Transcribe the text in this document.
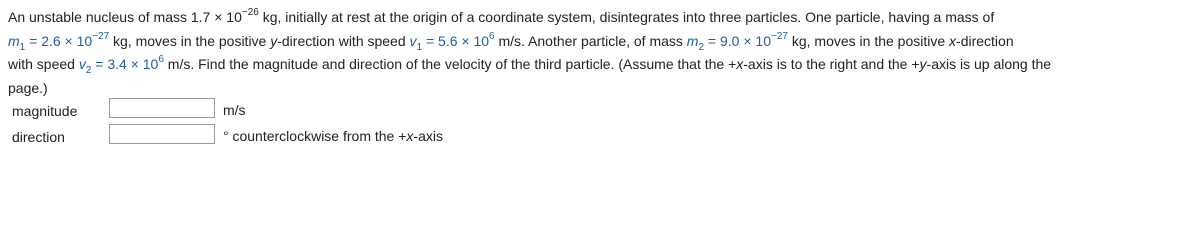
An unstable nucleus of mass $1.7 \times 10^{-26}$ kg, initially at rest at the origin of a coordinate system, disintegrates into three particles. One particle, having a mass of
$m_1 = 2.6 \times 10^{-27}$ kg, moves in the positive y-direction with speed $v_1 = 5.6 \times 10^6$ m/s. Another particle, of mass $m_2 = 9.0 \times 10^{-27}$ kg, moves in the positive x-direction
with speed $v_2 = 3.4 \times 10^6$ m/s. Find the magnitude and direction of the velocity of the third particle. (Assume that the +x-axis is to the right and the +y-axis is up along the
page.)
magnitude	m/s
direction	° counterclockwise from the +x-axis
